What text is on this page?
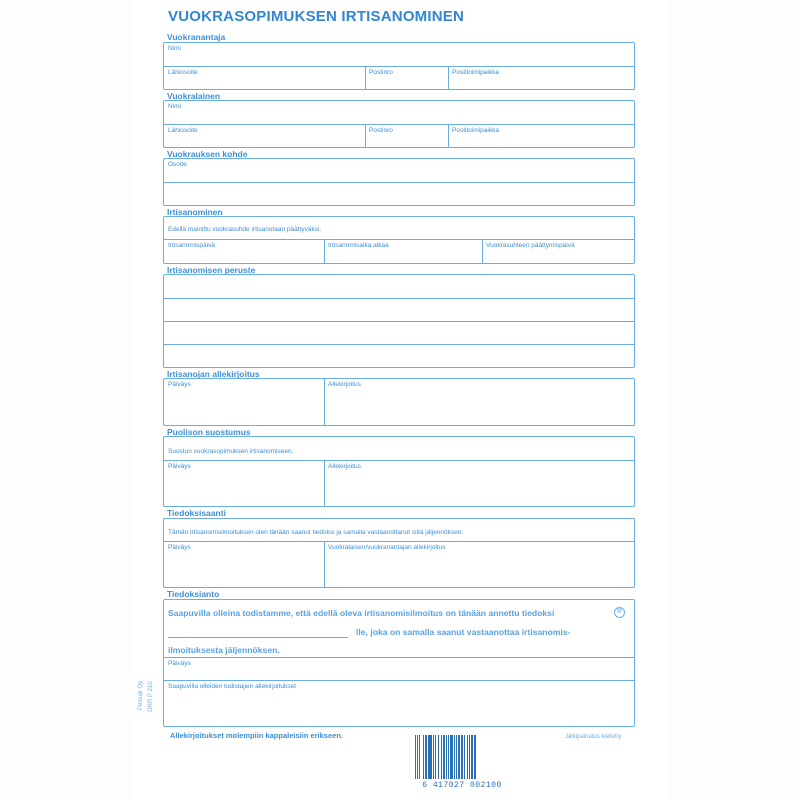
VUOKRASOPIMUKSEN IRTISANOMINEN
Vuokranantaja
Nimi
Lähiosoite	Postinro	Postitoimipaikka
Vuokralainen
Nimi
Lähiosoite	Postinro	Postitoimipaikka
Vuokrauksen kohde
Osoite
Irtisanominen
Edellä mainittu vuokrasuhde irtisanotaan päättyväksi.
Irtisanomispäivä	Irtisanomisaika alkaa	Vuokrasuhteen päättymispäivä
Irtisanomisen peruste
Irtisanojan allekirjoitus
Päiväys	Allekirjoitus
Puolison suostumus
Suostun vuokrasopimuksen irtisanomiseen.
Päiväys	Allekirjoitus
Tiedoksisaanti
Tämän irtisanomisilmoituksen olen tänään saanut tiedoksi ja samalla vastaanottanut siitä jäljennöksen.
Päiväys	Vuokralaisen/vuokranantajan allekirjoitus
Tiedoksianto
Saapuvilla olleina todistamme, että edellä oleva irtisanomisilmoitus on tänään annettu tiedoksi
lle, joka on samalla saanut vastaanottaa irtisanomis-
ilmoituksesta jäljennöksen.
Päiväys
Saapuvilla olleiden todistajien allekirjoitukset
®
Pessak Oy ORR P 210
Allekirjoitukset molempiin kappaleisiin erikseen.	Jälkipainatus kielletty
6 417027 002100
